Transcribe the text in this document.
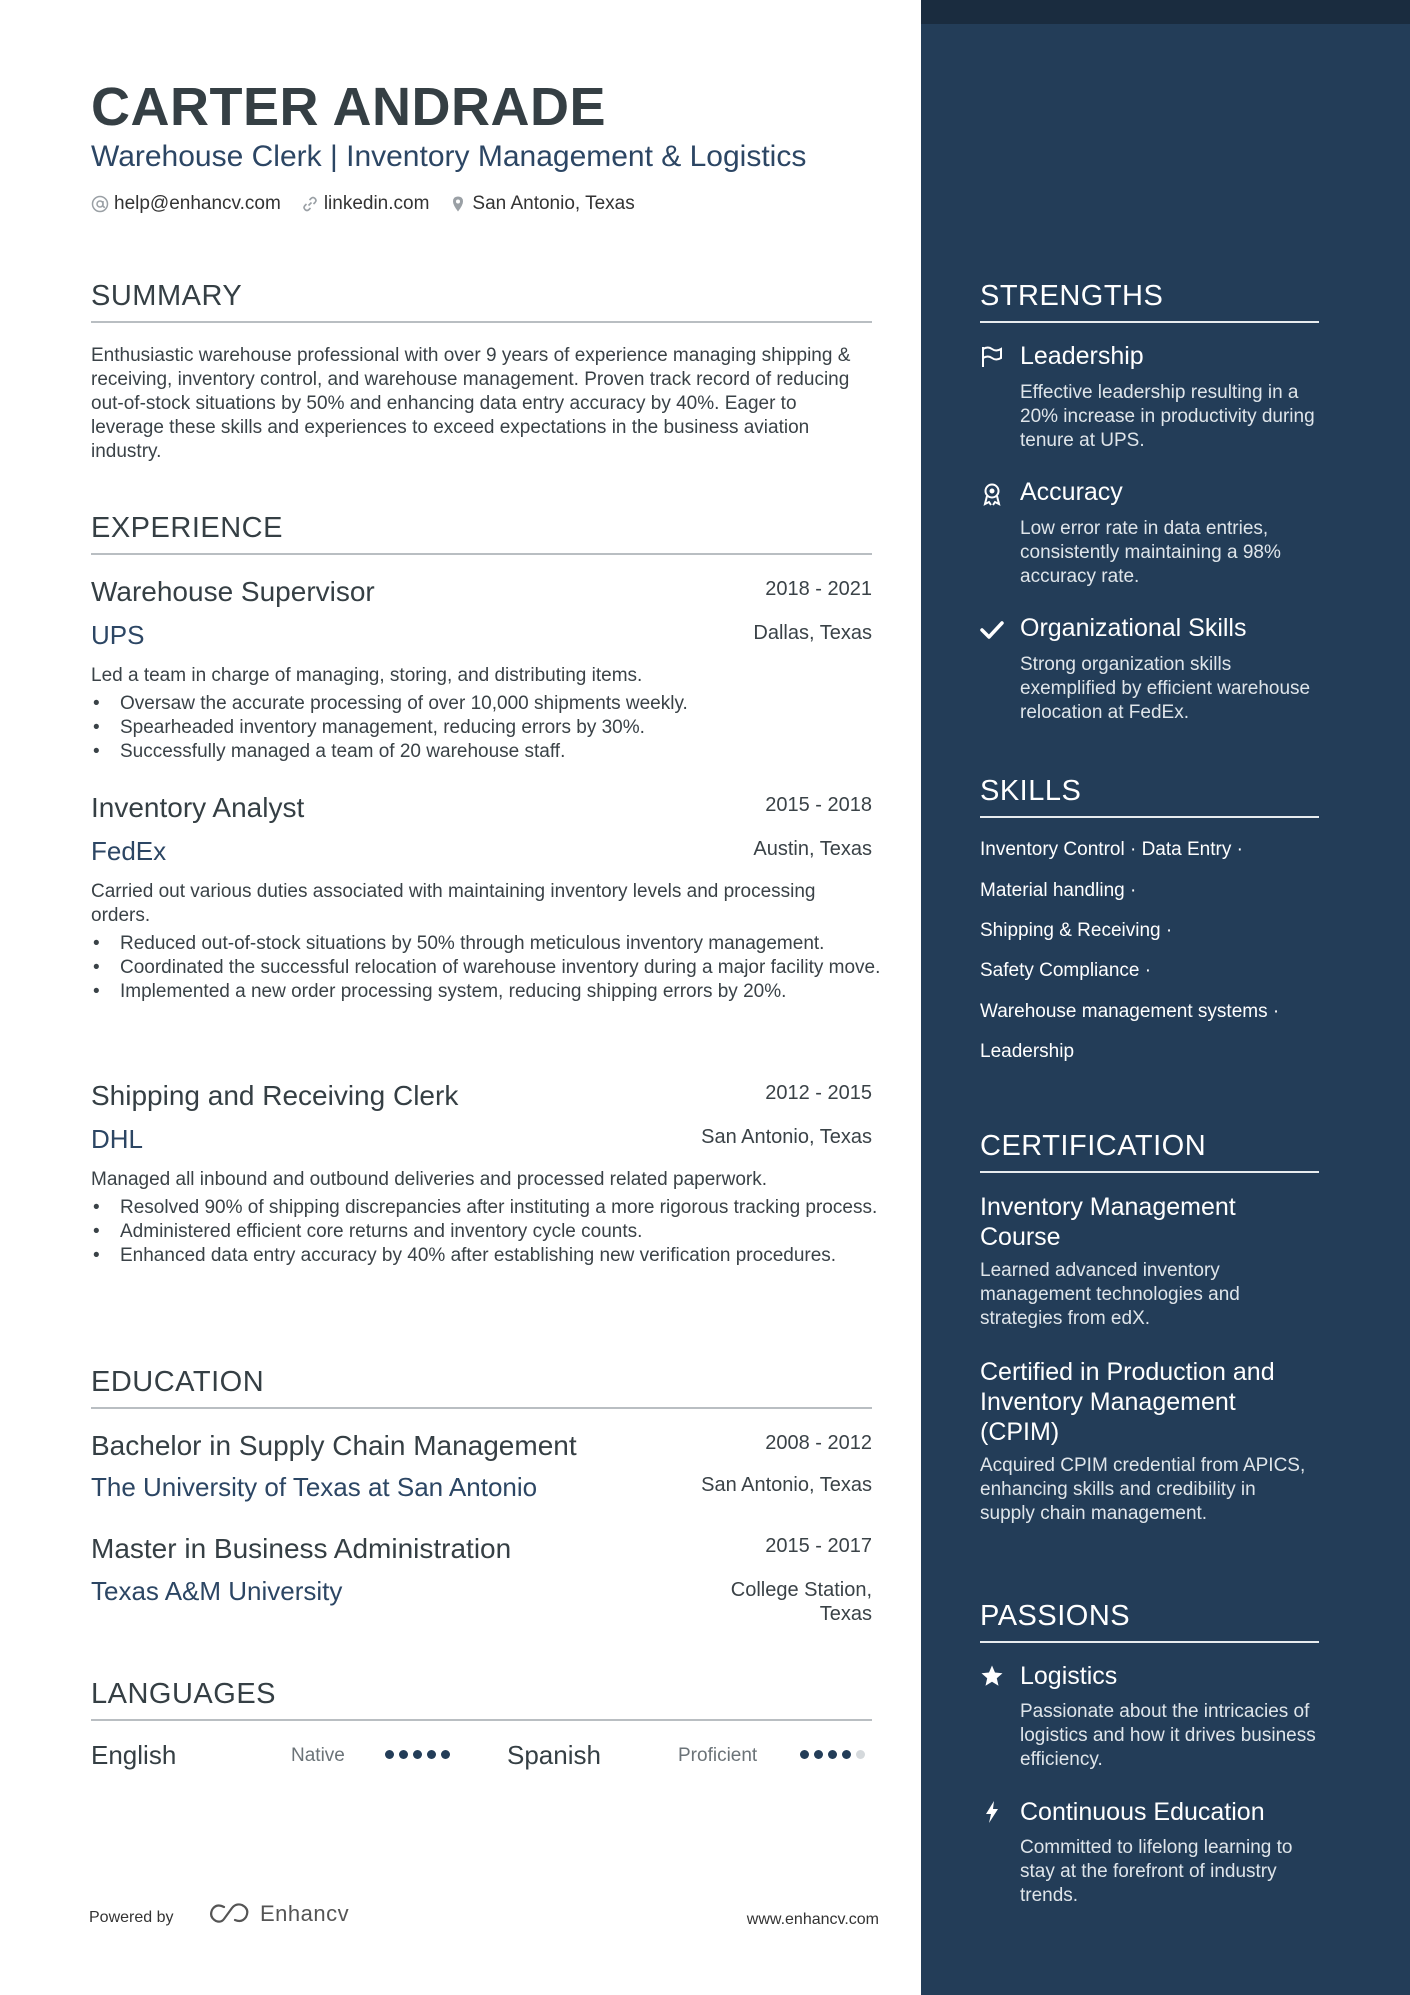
CARTER ANDRADE
Warehouse Clerk | Inventory Management & Logistics
help@enhancv.com linkedin.com San Antonio, Texas
SUMMARY
Enthusiastic warehouse professional with over 9 years of experience managing shipping & receiving, inventory control, and warehouse management. Proven track record of reducing out-of-stock situations by 50% and enhancing data entry accuracy by 40%. Eager to leverage these skills and experiences to exceed expectations in the business aviation industry.
EXPERIENCE
Warehouse Supervisor	2018 - 2021
UPS	Dallas, Texas
Led a team in charge of managing, storing, and distributing items.
• Oversaw the accurate processing of over 10,000 shipments weekly.
• Spearheaded inventory management, reducing errors by 30%.
• Successfully managed a team of 20 warehouse staff.
Inventory Analyst	2015 - 2018
FedEx	Austin, Texas
Carried out various duties associated with maintaining inventory levels and processing orders.
• Reduced out-of-stock situations by 50% through meticulous inventory management.
• Coordinated the successful relocation of warehouse inventory during a major facility move.
• Implemented a new order processing system, reducing shipping errors by 20%.
Shipping and Receiving Clerk	2012 - 2015
DHL	San Antonio, Texas
Managed all inbound and outbound deliveries and processed related paperwork.
• Resolved 90% of shipping discrepancies after instituting a more rigorous tracking process.
• Administered efficient core returns and inventory cycle counts.
• Enhanced data entry accuracy by 40% after establishing new verification procedures.
EDUCATION
Bachelor in Supply Chain Management	2008 - 2012
The University of Texas at San Antonio	San Antonio, Texas
Master in Business Administration	2015 - 2017
Texas A&M University	College Station,
Texas
LANGUAGES
English	Native	Spanish	Proficient
Powered by	Enhancv	www.enhancv.com
STRENGTHS
Leadership
Effective leadership resulting in a 20% increase in productivity during tenure at UPS.
Accuracy
Low error rate in data entries, consistently maintaining a 98% accuracy rate.
Organizational Skills
Strong organization skills exemplified by efficient warehouse relocation at FedEx.
SKILLS
Inventory Control · Data Entry ·
Material handling ·
Shipping & Receiving ·
Safety Compliance ·
Warehouse management systems ·
Leadership
CERTIFICATION
Inventory Management Course
Learned advanced inventory management technologies and strategies from edX.
Certified in Production and Inventory Management (CPIM)
Acquired CPIM credential from APICS, enhancing skills and credibility in supply chain management.
PASSIONS
Logistics
Passionate about the intricacies of logistics and how it drives business efficiency.
Continuous Education
Committed to lifelong learning to stay at the forefront of industry trends.
